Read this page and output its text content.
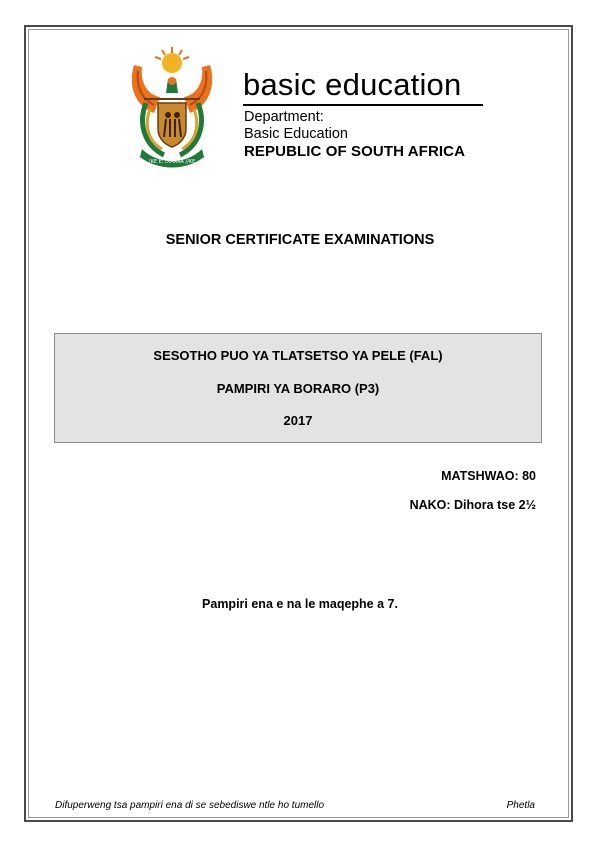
!KE E: /XARRA //KE
basic education
Department:
Basic Education
REPUBLIC OF SOUTH AFRICA
SENIOR CERTIFICATE EXAMINATIONS
SESOTHO PUO YA TLATSETSO YA PELE (FAL)
PAMPIRI YA BORARO (P3)
2017
MATSHWAO: 80
NAKO: Dihora tse 2½
Pampiri ena e na le maqephe a 7.
Difuperweng tsa pampiri ena di se sebediswe ntle ho tumello	Phetla
